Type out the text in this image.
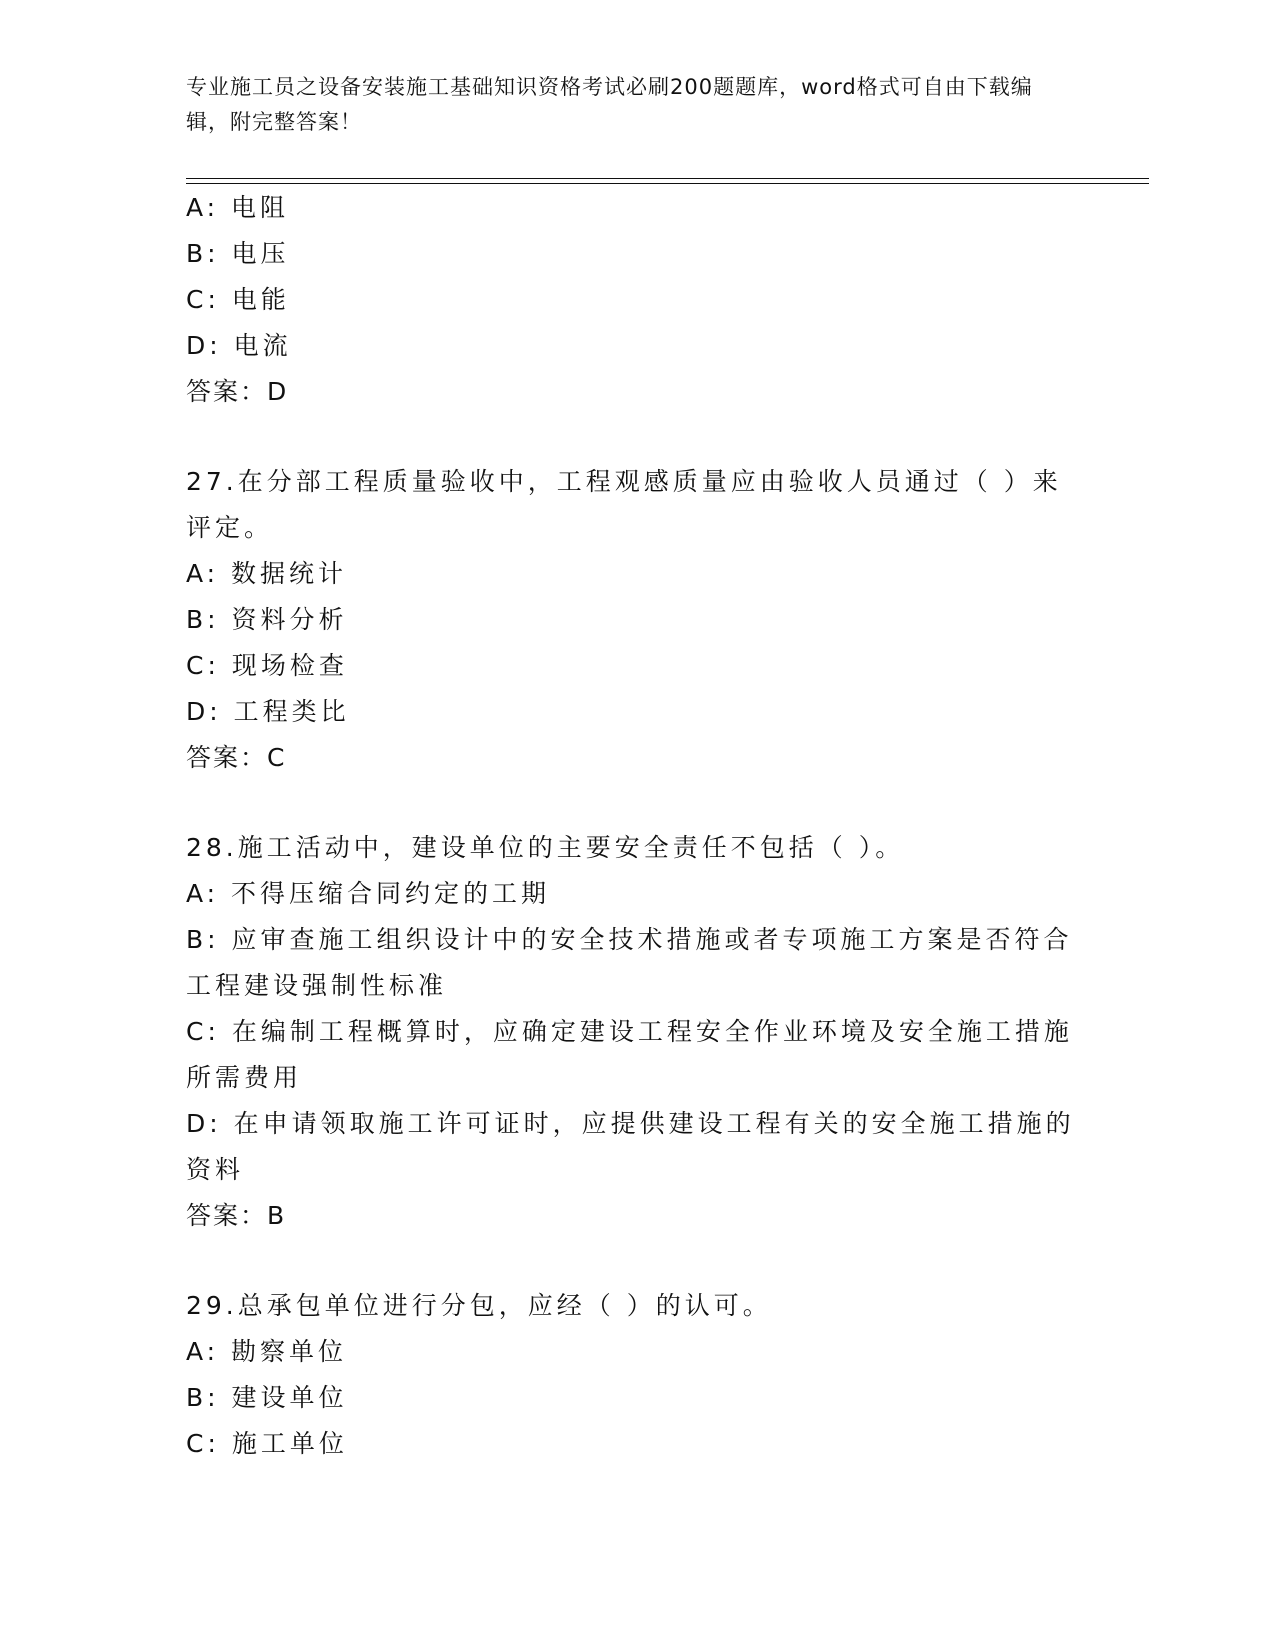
专业施工员之设备安装施工基础知识资格考试必刷200题题库，word格式可自由下载编辑，附完整答案！
A: 电阻
B: 电压
C: 电能
D: 电流
答案：D
27.在分部工程质量验收中，工程观感质量应由验收人员通过（ ）来评定。
A: 数据统计
B: 资料分析
C: 现场检查
D: 工程类比
答案：C
28.施工活动中，建设单位的主要安全责任不包括（ ）。
A: 不得压缩合同约定的工期
B: 应审查施工组织设计中的安全技术措施或者专项施工方案是否符合工程建设强制性标准
C: 在编制工程概算时，应确定建设工程安全作业环境及安全施工措施所需费用
D: 在申请领取施工许可证时，应提供建设工程有关的安全施工措施的资料
答案：B
29.总承包单位进行分包，应经（ ）的认可。
A: 勘察单位
B: 建设单位
C: 施工单位
